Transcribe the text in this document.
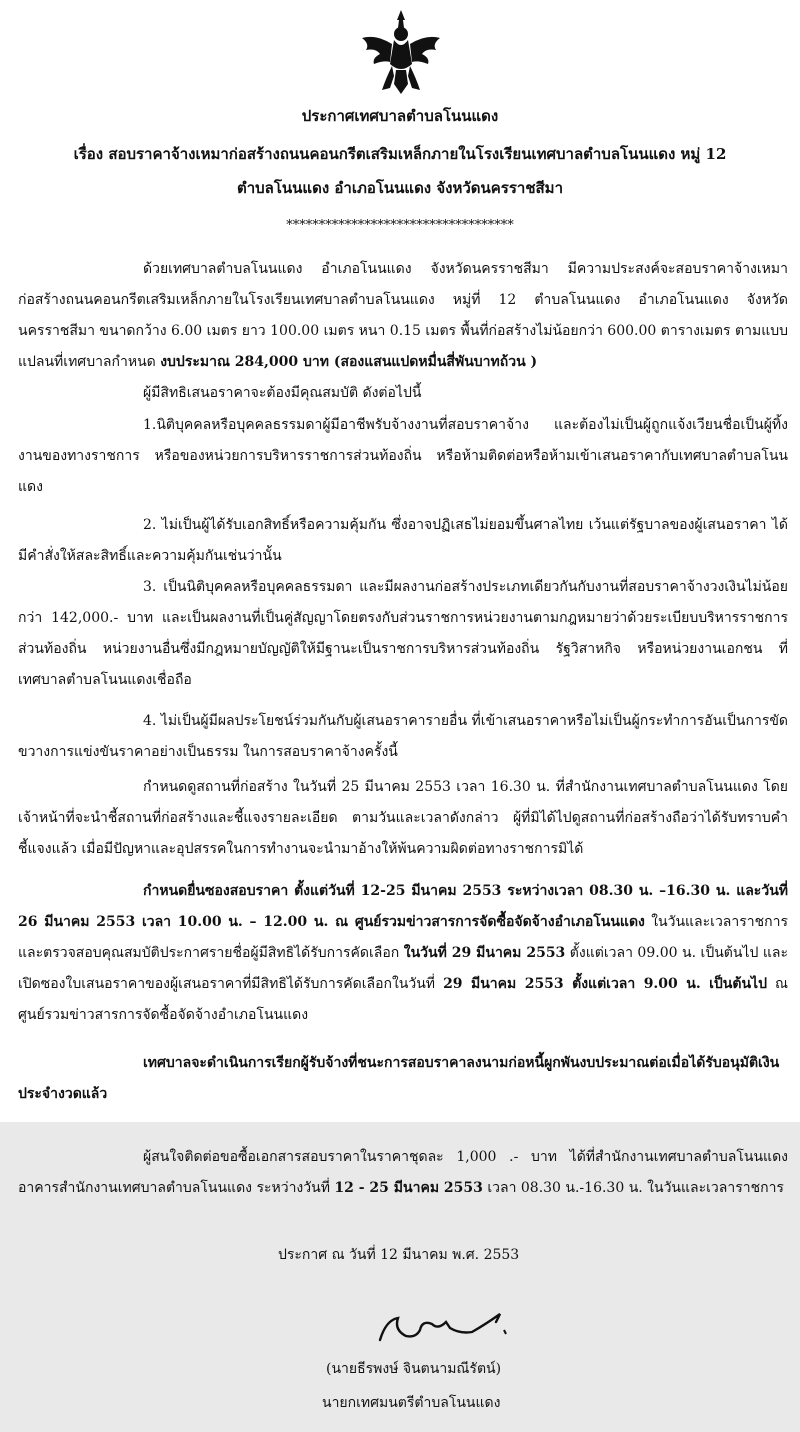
ประกาศเทศบาลตำบลโนนแดง
เรื่อง สอบราคาจ้างเหมาก่อสร้างถนนคอนกรีตเสริมเหล็กภายในโรงเรียนเทศบาลตำบลโนนแดง หมู่ 12
ตำบลโนนแดง อำเภอโนนแดง จังหวัดนครราชสีมา
***********************************
ด้วยเทศบาลตำบลโนนแดง อำเภอโนนแดง จังหวัดนครราชสีมา มีความประสงค์จะสอบราคาจ้างเหมาก่อสร้างถนนคอนกรีตเสริมเหล็กภายในโรงเรียนเทศบาลตำบลโนนแดง หมู่ที่ 12 ตำบลโนนแดง อำเภอโนนแดง จังหวัดนครราชสีมา ขนาดกว้าง 6.00 เมตร ยาว 100.00 เมตร หนา 0.15 เมตร พื้นที่ก่อสร้างไม่น้อยกว่า 600.00 ตารางเมตร ตามแบบแปลนที่เทศบาลกำหนด งบประมาณ 284,000 บาท (สองแสนแปดหมื่นสี่พันบาทถ้วน )
ผู้มีสิทธิเสนอราคาจะต้องมีคุณสมบัติ ดังต่อไปนี้
1.นิติบุคคลหรือบุคคลธรรมดาผู้มีอาชีพรับจ้างงานที่สอบราคาจ้าง และต้องไม่เป็นผู้ถูกแจ้งเวียนชื่อเป็นผู้ทิ้งงานของทางราชการ หรือของหน่วยการบริหารราชการส่วนท้องถิ่น หรือห้ามติดต่อหรือห้ามเข้าเสนอราคากับเทศบาลตำบลโนนแดง
2. ไม่เป็นผู้ได้รับเอกสิทธิ์หรือความคุ้มกัน ซึ่งอาจปฏิเสธไม่ยอมขึ้นศาลไทย เว้นแต่รัฐบาลของผู้เสนอราคา ได้มีคำสั่งให้สละสิทธิ์และความคุ้มกันเช่นว่านั้น
3. เป็นนิติบุคคลหรือบุคคลธรรมดา และมีผลงานก่อสร้างประเภทเดียวกันกับงานที่สอบราคาจ้างวงเงินไม่น้อยกว่า 142,000.- บาท และเป็นผลงานที่เป็นคู่สัญญาโดยตรงกับส่วนราชการหน่วยงานตามกฎหมายว่าด้วยระเบียบบริหารราชการส่วนท้องถิ่น หน่วยงานอื่นซึ่งมีกฎหมายบัญญัติให้มีฐานะเป็นราชการบริหารส่วนท้องถิ่น รัฐวิสาหกิจ หรือหน่วยงานเอกชน ที่เทศบาลตำบลโนนแดงเชื่อถือ
4. ไม่เป็นผู้มีผลประโยชน์ร่วมกันกับผู้เสนอราคารายอื่น ที่เข้าเสนอราคาหรือไม่เป็นผู้กระทำการอันเป็นการขัดขวางการแข่งขันราคาอย่างเป็นธรรม ในการสอบราคาจ้างครั้งนี้
กำหนดดูสถานที่ก่อสร้าง ในวันที่ 25 มีนาคม 2553 เวลา 16.30 น. ที่สำนักงานเทศบาลตำบลโนนแดง โดยเจ้าหน้าที่จะนำชี้สถานที่ก่อสร้างและชี้แจงรายละเอียด ตามวันและเวลาดังกล่าว ผู้ที่มิได้ไปดูสถานที่ก่อสร้างถือว่าได้รับทราบคำชี้แจงแล้ว เมื่อมีปัญหาและอุปสรรคในการทำงานจะนำมาอ้างให้พ้นความผิดต่อทางราชการมิได้
กำหนดยื่นซองสอบราคา ตั้งแต่วันที่ 12-25 มีนาคม 2553 ระหว่างเวลา 08.30 น. –16.30 น. และวันที่ 26 มีนาคม 2553 เวลา 10.00 น. – 12.00 น. ณ ศูนย์รวมข่าวสารการจัดซื้อจัดจ้างอำเภอโนนแดง ในวันและเวลาราชการ และตรวจสอบคุณสมบัติประกาศรายชื่อผู้มีสิทธิได้รับการคัดเลือก ในวันที่ 29 มีนาคม 2553 ตั้งแต่เวลา 09.00 น. เป็นต้นไป และเปิดซองใบเสนอราคาของผู้เสนอราคาที่มีสิทธิได้รับการคัดเลือกในวันที่ 29 มีนาคม 2553 ตั้งแต่เวลา 9.00 น. เป็นต้นไป ณ ศูนย์รวมข่าวสารการจัดซื้อจัดจ้างอำเภอโนนแดง
เทศบาลจะดำเนินการเรียกผู้รับจ้างที่ชนะการสอบราคาลงนามก่อหนี้ผูกพันงบประมาณต่อเมื่อได้รับอนุมัติเงินประจำงวดแล้ว
ผู้สนใจติดต่อขอซื้อเอกสารสอบราคาในราคาชุดละ 1,000 .- บาท ได้ที่สำนักงานเทศบาลตำบลโนนแดง อาคารสำนักงานเทศบาลตำบลโนนแดง ระหว่างวันที่ 12 - 25 มีนาคม 2553 เวลา 08.30 น.-16.30 น. ในวันและเวลาราชการ
ประกาศ ณ วันที่ 12 มีนาคม พ.ศ. 2553
(นายธีรพงษ์ จินตนามณีรัตน์)
นายกเทศมนตรีตำบลโนนแดง
